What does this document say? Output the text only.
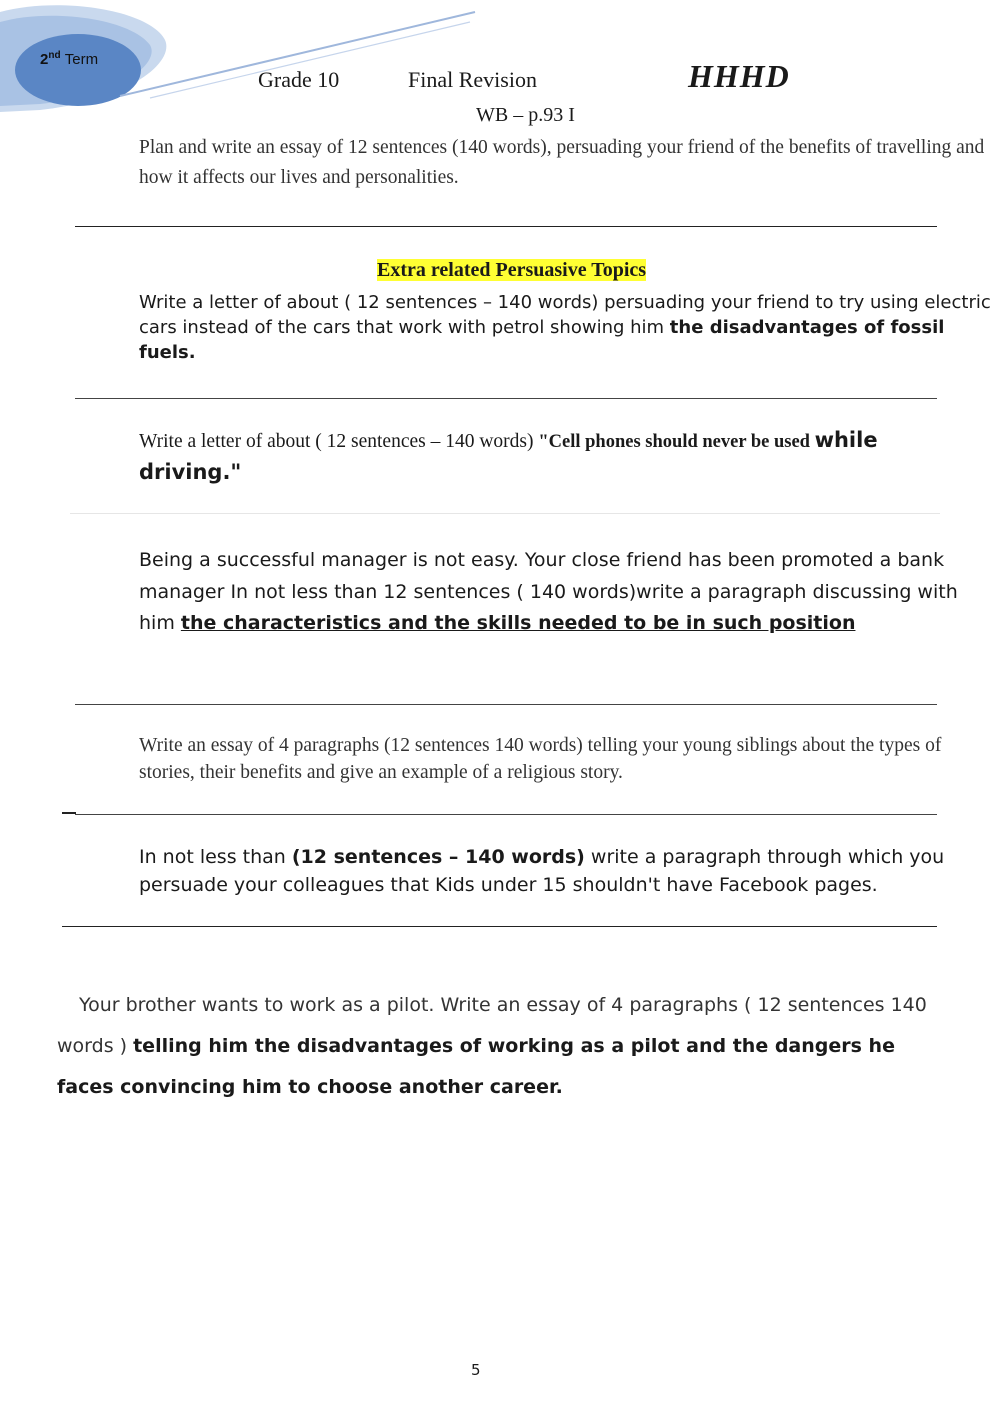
2nd Term
Grade 10	Final Revision	HHHD
WB – p.93 I

Plan and write an essay of 12 sentences (140 words), persuading your friend of the benefits of travelling and how it affects our lives and personalities.

Extra related Persuasive Topics

Write a letter of about ( 12 sentences – 140 words) persuading your friend to try using electric cars instead of the cars that work with petrol showing him the disadvantages of fossil fuels.

Write a letter of about ( 12 sentences – 140 words) "Cell phones should never be used while driving."

Being a successful manager is not easy. Your close friend has been promoted a bank manager In not less than 12 sentences ( 140 words)write a paragraph discussing with him the characteristics and the skills needed to be in such position

Write an essay of 4 paragraphs (12 sentences 140 words) telling your young siblings about the types of stories, their benefits and give an example of a religious story.

In not less than (12 sentences – 140 words) write a paragraph through which you persuade your colleagues that Kids under 15 shouldn't have Facebook pages.

Your brother wants to work as a pilot. Write an essay of 4 paragraphs ( 12 sentences 140 words ) telling him the disadvantages of working as a pilot and the dangers he faces convincing him to choose another career.

5
